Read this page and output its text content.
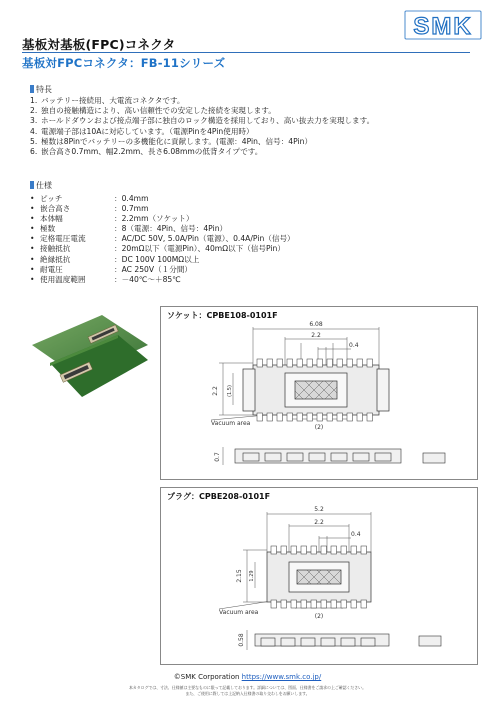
SMK
基板対基板(FPC)コネクタ
基板対FPCコネクタ：FB-11シリーズ
特長
1. バッテリー接続用、大電流コネクタです。
2. 独自の接触構造により、高い信頼性での安定した接続を実現します。
3. ホールドダウンおよび接点端子部に独自のロック構造を採用しており、高い抜去力を実現します。
4. 電源端子部は10Aに対応しています。（電源Pinを4Pin使用時）
5. 極数は8Pinでバッテリーの多機能化に貢献します。(電源：4Pin、信号：4Pin）
6. 嵌合高さ0.7mm、幅2.2mm、長さ6.08mmの低背タイプです。
仕様
• ピッチ	：0.4mm
• 嵌合高さ	：0.7mm
• 本体幅	：2.2mm（ソケット）
• 極数	：8（電源：4Pin、信号：4Pin）
• 定格電圧電流	：AC/DC 50V, 5.0A/Pin（電源）、0.4A/Pin（信号）
• 接触抵抗	：20mΩ以下（電源Pin）、40mΩ以下（信号Pin）
• 絶縁抵抗	：DC 100V 100MΩ以上
• 耐電圧	：AC 250V（１分間）
• 使用温度範囲	：－40℃～＋85℃
ソケット：CPBE108-0101F
6.08
2.2
0.4
(2)
Vacuum area
2.2 (1.5)
0.7
プラグ：CPBE208-0101F
5.2
2.2
0.4
(2)
Vacuum area
2.15 1.29
0.58
©SMK Corporation https://www.smk.co.jp/
本カタログでは、寸法、仕様値は主要なものに限って記載しております。詳細については、図面、仕様書をご請求の上ご確認ください。
また、ご使用に際しては上記納入仕様書の取り交わしをお願いします。
